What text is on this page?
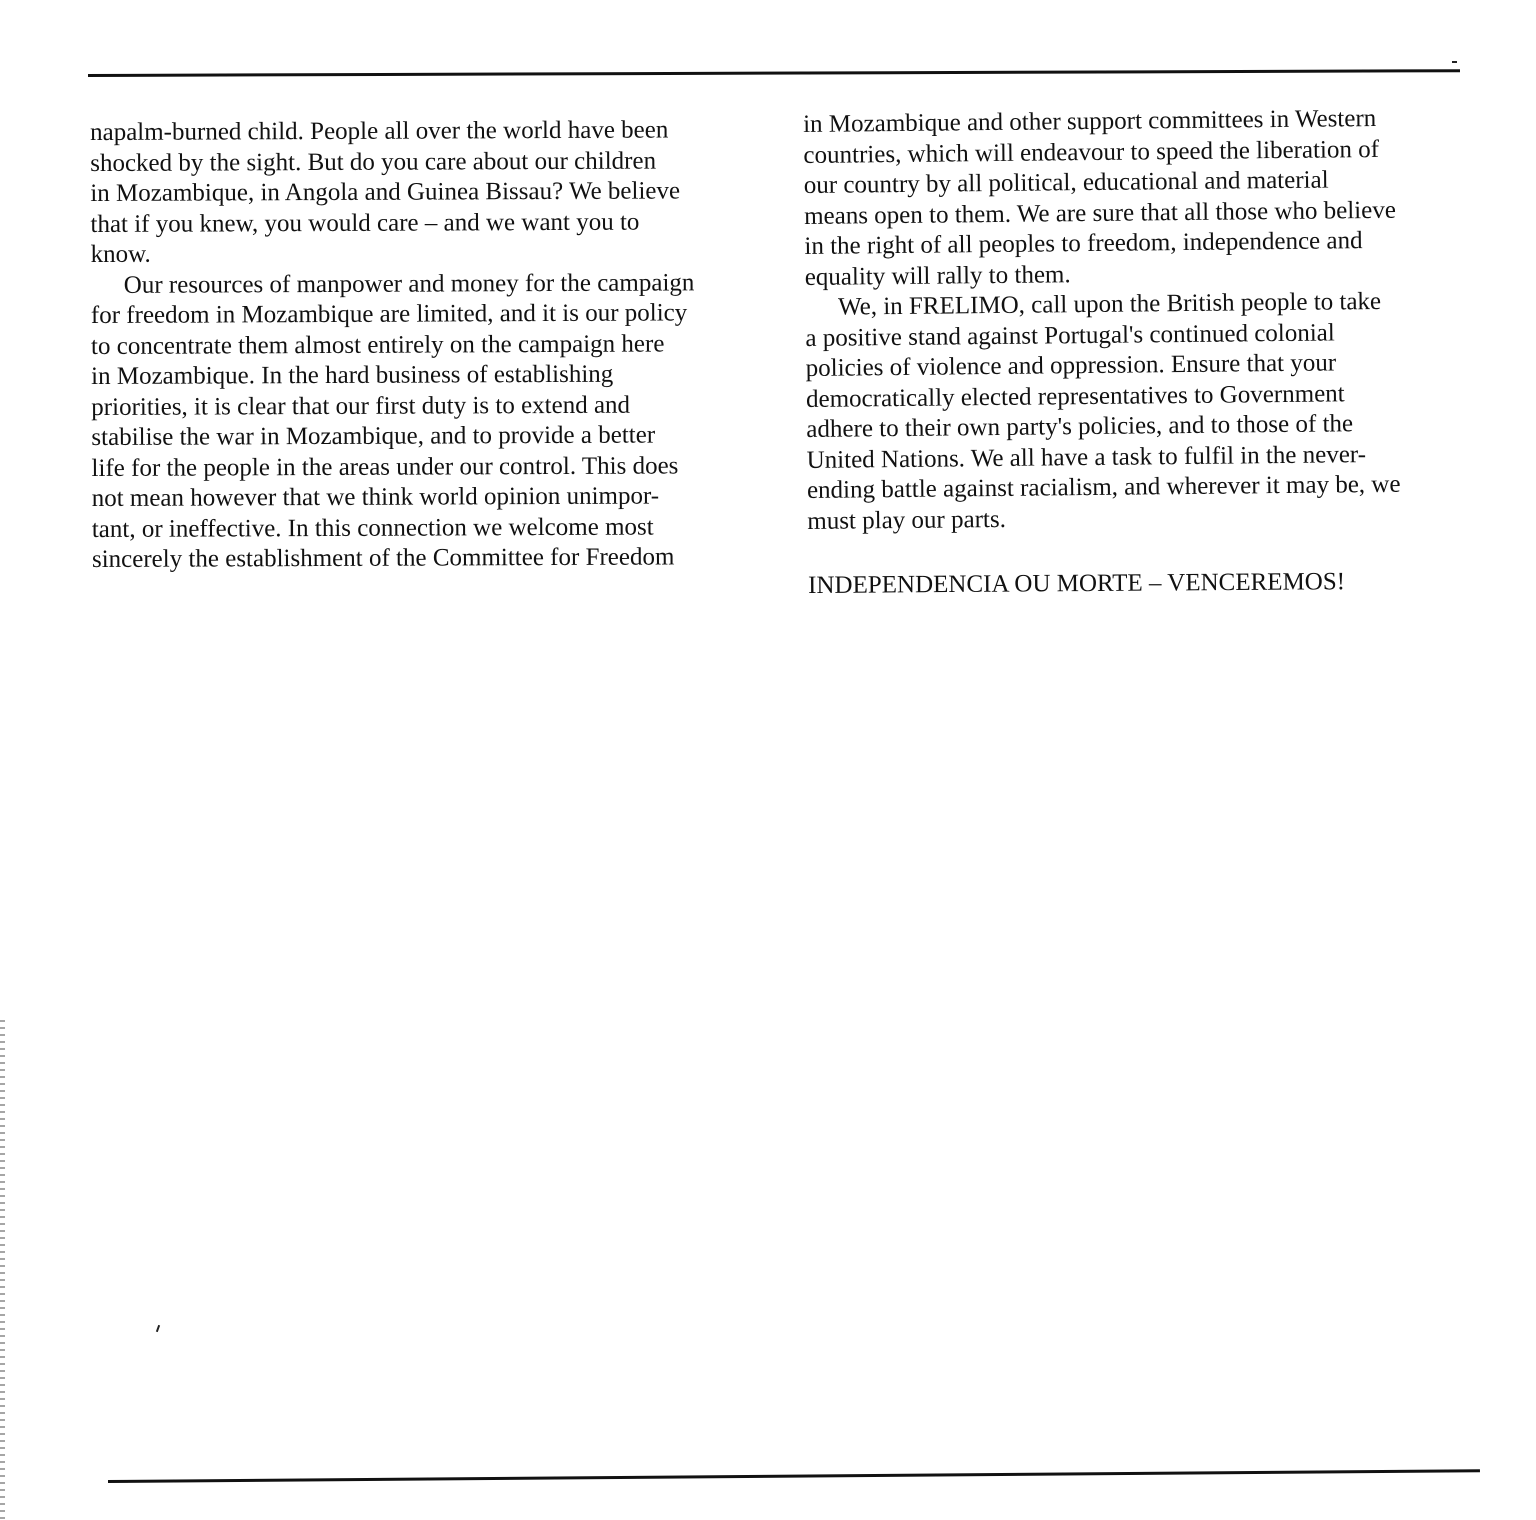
napalm-burned child. People all over the world have been
shocked by the sight. But do you care about our children
in Mozambique, in Angola and Guinea Bissau? We believe
that if you knew, you would care – and we want you to
know.
Our resources of manpower and money for the campaign
for freedom in Mozambique are limited, and it is our policy
to concentrate them almost entirely on the campaign here
in Mozambique. In the hard business of establishing
priorities, it is clear that our first duty is to extend and
stabilise the war in Mozambique, and to provide a better
life for the people in the areas under our control. This does
not mean however that we think world opinion unimpor-
tant, or ineffective. In this connection we welcome most
sincerely the establishment of the Committee for Freedom
in Mozambique and other support committees in Western
countries, which will endeavour to speed the liberation of
our country by all political, educational and material
means open to them. We are sure that all those who believe
in the right of all peoples to freedom, independence and
equality will rally to them.
We, in FRELIMO, call upon the British people to take
a positive stand against Portugal's continued colonial
policies of violence and oppression. Ensure that your
democratically elected representatives to Government
adhere to their own party's policies, and to those of the
United Nations. We all have a task to fulfil in the never-
ending battle against racialism, and wherever it may be, we
must play our parts.
INDEPENDENCIA OU MORTE – VENCEREMOS!
